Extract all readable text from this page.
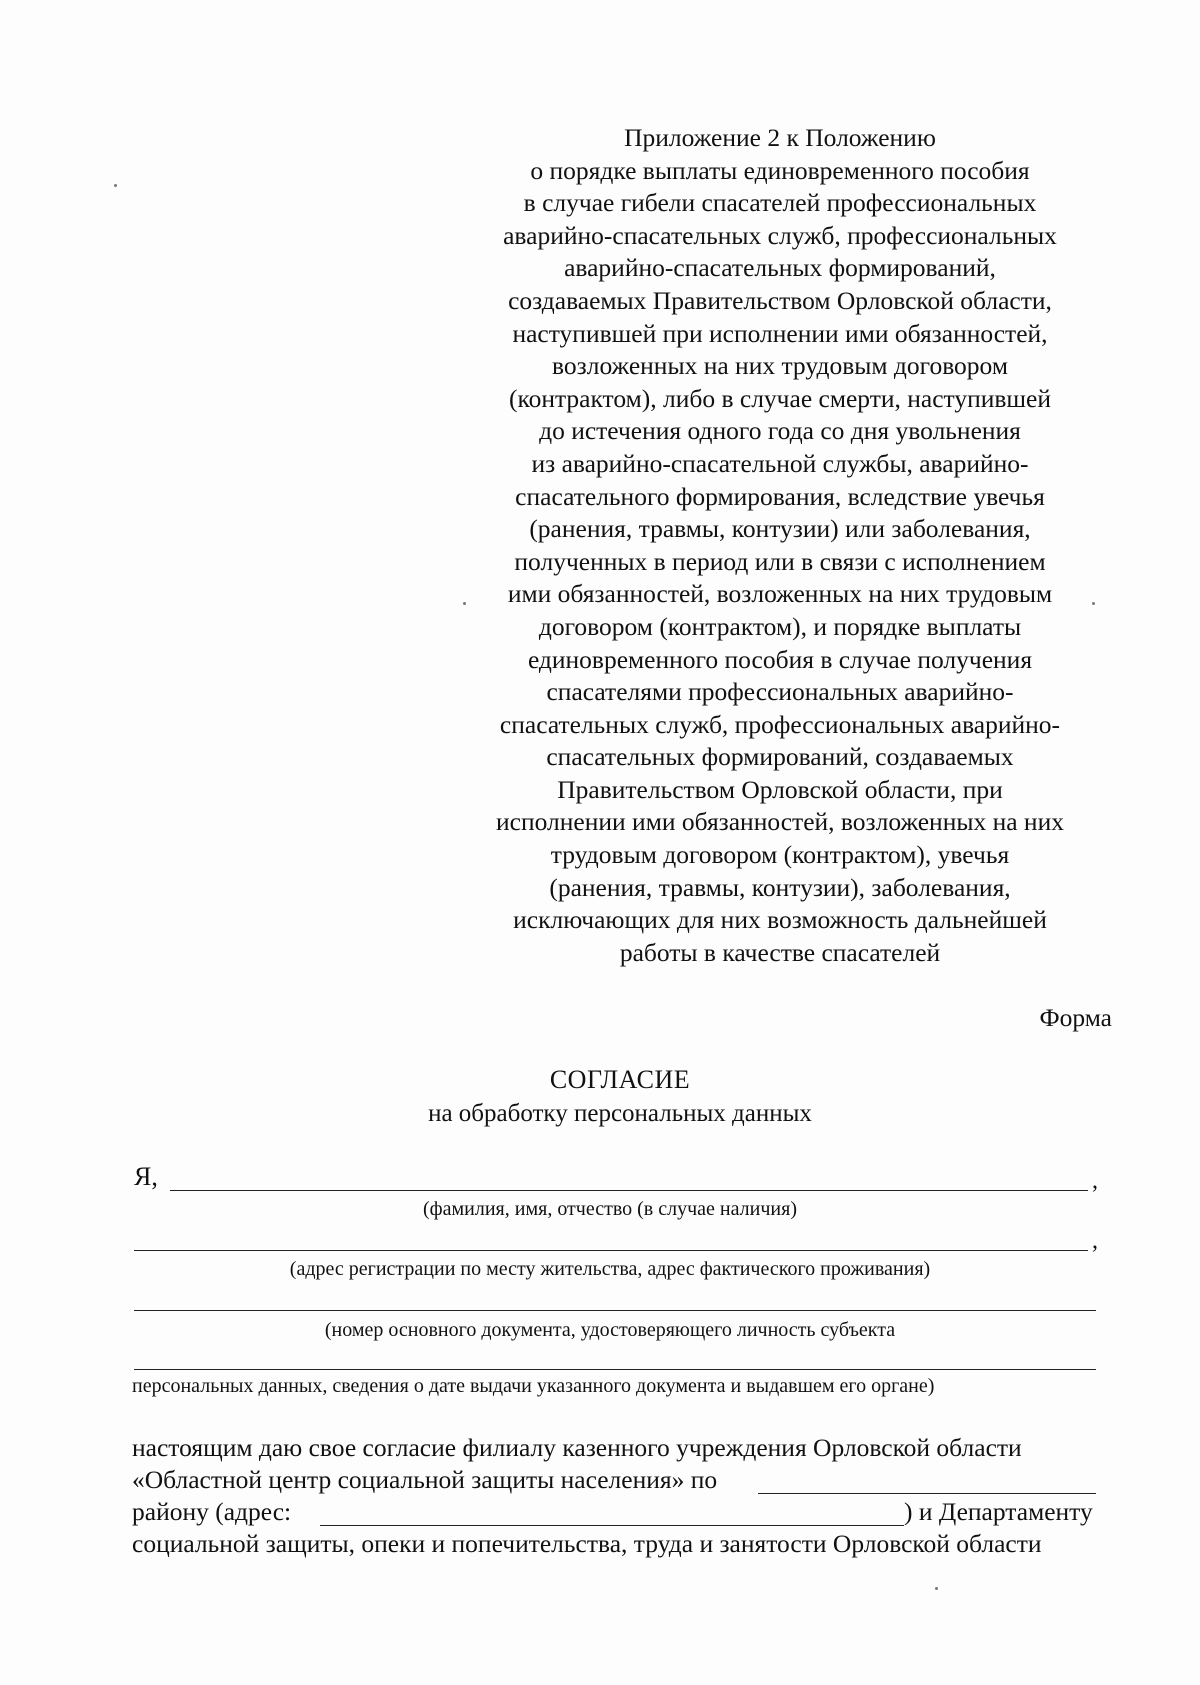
Приложение 2 к Положению
о порядке выплаты единовременного пособия
в случае гибели спасателей профессиональных
аварийно-спасательных служб, профессиональных
аварийно-спасательных формирований,
создаваемых Правительством Орловской области,
наступившей при исполнении ими обязанностей,
возложенных на них трудовым договором
(контрактом), либо в случае смерти, наступившей
до истечения одного года со дня увольнения
из аварийно-спасательной службы, аварийно-
спасательного формирования, вследствие увечья
(ранения, травмы, контузии) или заболевания,
полученных в период или в связи с исполнением
ими обязанностей, возложенных на них трудовым
договором (контрактом), и порядке выплаты
единовременного пособия в случае получения
спасателями профессиональных аварийно-
спасательных служб, профессиональных аварийно-
спасательных формирований, создаваемых
Правительством Орловской области, при
исполнении ими обязанностей, возложенных на них
трудовым договором (контрактом), увечья
(ранения, травмы, контузии), заболевания,
исключающих для них возможность дальнейшей
работы в качестве спасателей
Форма
СОГЛАСИЕ
на обработку персональных данных
Я,	,
(фамилия, имя, отчество (в случае наличия)
,
(адрес регистрации по месту жительства, адрес фактического проживания)
(номер основного документа, удостоверяющего личность субъекта
персональных данных, сведения о дате выдачи указанного документа и выдавшем его органе)
настоящим даю свое согласие филиалу казенного учреждения Орловской области
«Областной центр социальной защиты населения» по
району (адрес:	) и Департаменту
социальной защиты, опеки и попечительства, труда и занятости Орловской области
